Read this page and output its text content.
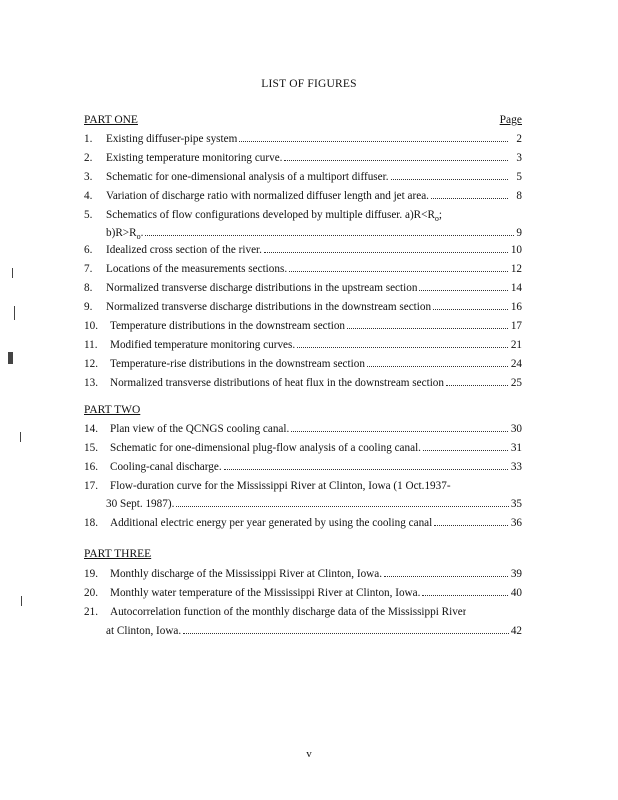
LIST OF FIGURES
PART ONE	Page
1.	Existing diffuser-pipe system	2
2.	Existing temperature monitoring curve.	3
3.	Schematic for one-dimensional analysis of a multiport diffuser.	5
4.	Variation of discharge ratio with normalized diffuser length and jet area.	8
5.	Schematics of flow configurations developed by multiple diffuser. $a)R<R_o$;
$b)R>R_o$.	9
6.	Idealized cross section of the river.	10
7.	Locations of the measurements sections.	12
8.	Normalized transverse discharge distributions in the upstream section	14
9.	Normalized transverse discharge distributions in the downstream section	16
10.	Temperature distributions in the downstream section	17
11.	Modified temperature monitoring curves.	21
12.	Temperature-rise distributions in the downstream section	24
13.	Normalized transverse distributions of heat flux in the downstream section	25
PART TWO
14.	Plan view of the QCNGS cooling canal.	30
15.	Schematic for one-dimensional plug-flow analysis of a cooling canal.	31
16.	Cooling-canal discharge.	33
17.	Flow-duration curve for the Mississippi River at Clinton, Iowa (1 Oct.1937-
30 Sept. 1987).	35
18.	Additional electric energy per year generated by using the cooling canal	36
PART THREE
19.	Monthly discharge of the Mississippi River at Clinton, Iowa.	39
20.	Monthly water temperature of the Mississippi River at Clinton, Iowa.	40
21.	Autocorrelation function of the monthly discharge data of the Mississippi River
at Clinton, Iowa.	42
v
